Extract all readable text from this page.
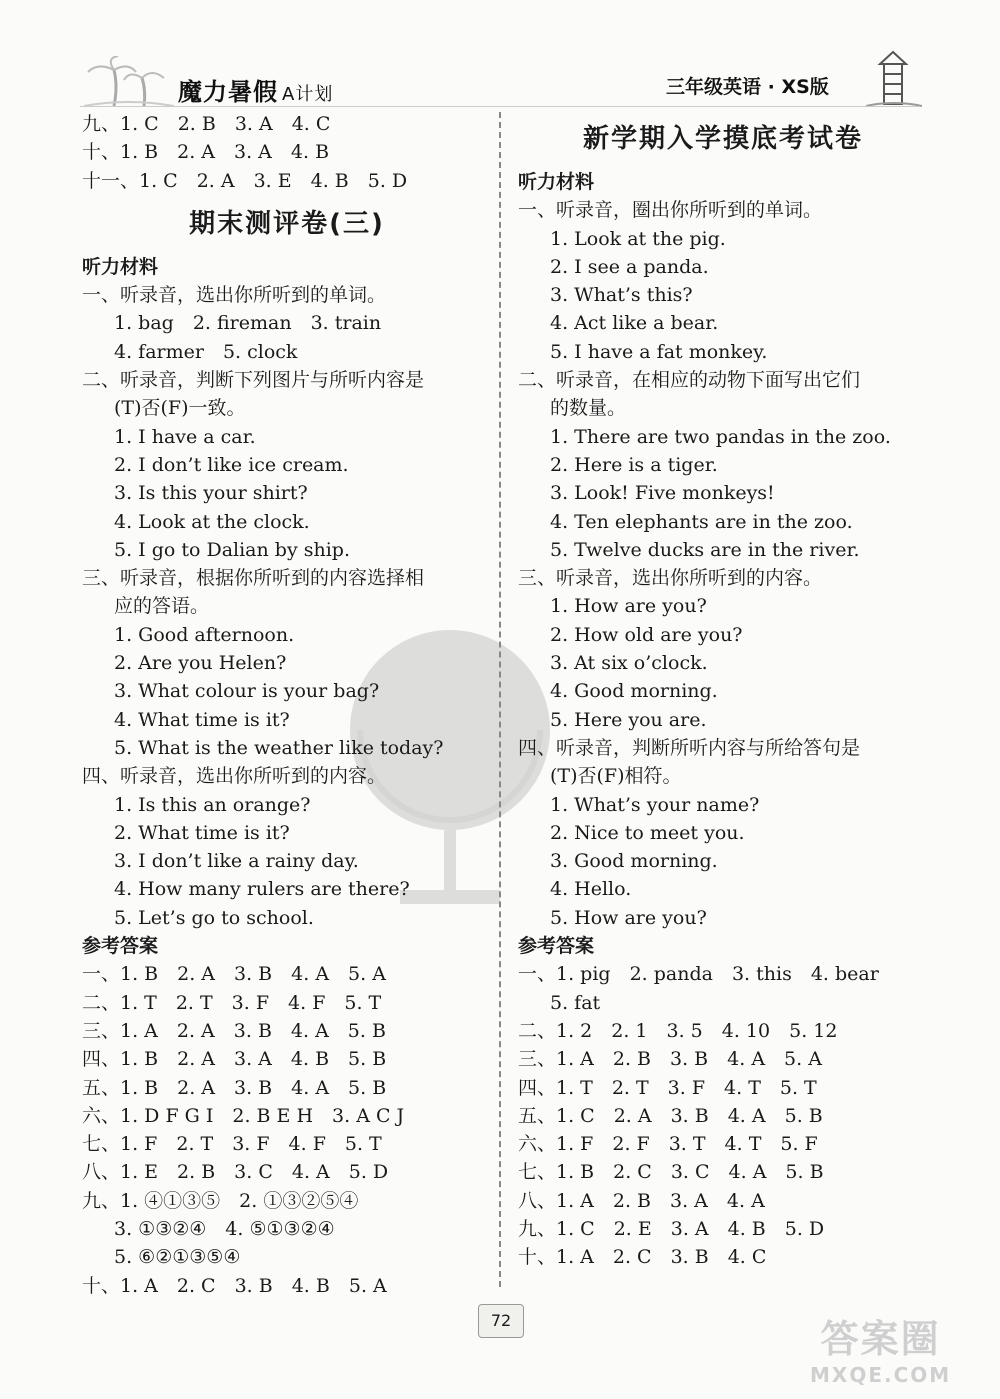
魔力暑假 A计划	三年级英语 · XS版
九、1. C　2. B　3. A　4. C
十、1. B　2. A　3. A　4. B
十一、1. C　2. A　3. E　4. B　5. D
期末测评卷(三)
听力材料
一、听录音，选出你所听到的单词。
1. bag　2. fireman　3. train
4. farmer　5. clock
二、听录音，判断下列图片与所听内容是
(T)否(F)一致。
1. I have a car.
2. I don’t like ice cream.
3. Is this your shirt?
4. Look at the clock.
5. I go to Dalian by ship.
三、听录音，根据你所听到的内容选择相
应的答语。
1. Good afternoon.
2. Are you Helen?
3. What colour is your bag?
4. What time is it?
5. What is the weather like today?
四、听录音，选出你所听到的内容。
1. Is this an orange?
2. What time is it?
3. I don’t like a rainy day.
4. How many rulers are there?
5. Let’s go to school.
参考答案
一、1. B　2. A　3. B　4. A　5. A
二、1. T　2. T　3. F　4. F　5. T
三、1. A　2. A　3. B　4. A　5. B
四、1. B　2. A　3. A　4. B　5. B
五、1. B　2. A　3. B　4. A　5. B
六、1. D F G I　2. B E H　3. A C J
七、1. F　2. T　3. F　4. F　5. T
八、1. E　2. B　3. C　4. A　5. D
九、1. ④①③⑤　2. ①③②⑤④
3. ①③②④　4. ⑤①③②④
5. ⑥②①③⑤④
十、1. A　2. C　3. B　4. B　5. A
新学期入学摸底考试卷
听力材料
一、听录音，圈出你所听到的单词。
1. Look at the pig.
2. I see a panda.
3. What’s this?
4. Act like a bear.
5. I have a fat monkey.
二、听录音，在相应的动物下面写出它们
的数量。
1. There are two pandas in the zoo.
2. Here is a tiger.
3. Look! Five monkeys!
4. Ten elephants are in the zoo.
5. Twelve ducks are in the river.
三、听录音，选出你所听到的内容。
1. How are you?
2. How old are you?
3. At six o’clock.
4. Good morning.
5. Here you are.
四、听录音，判断所听内容与所给答句是
(T)否(F)相符。
1. What’s your name?
2. Nice to meet you.
3. Good morning.
4. Hello.
5. How are you?
参考答案
一、1. pig　2. panda　3. this　4. bear
5. fat
二、1. 2　2. 1　3. 5　4. 10　5. 12
三、1. A　2. B　3. B　4. A　5. A
四、1. T　2. T　3. F　4. T　5. T
五、1. C　2. A　3. B　4. A　5. B
六、1. F　2. F　3. T　4. T　5. F
七、1. B　2. C　3. C　4. A　5. B
八、1. A　2. B　3. A　4. A
九、1. C　2. E　3. A　4. B　5. D
十、1. A　2. C　3. B　4. C
72	答案圈
MXQE.COM
